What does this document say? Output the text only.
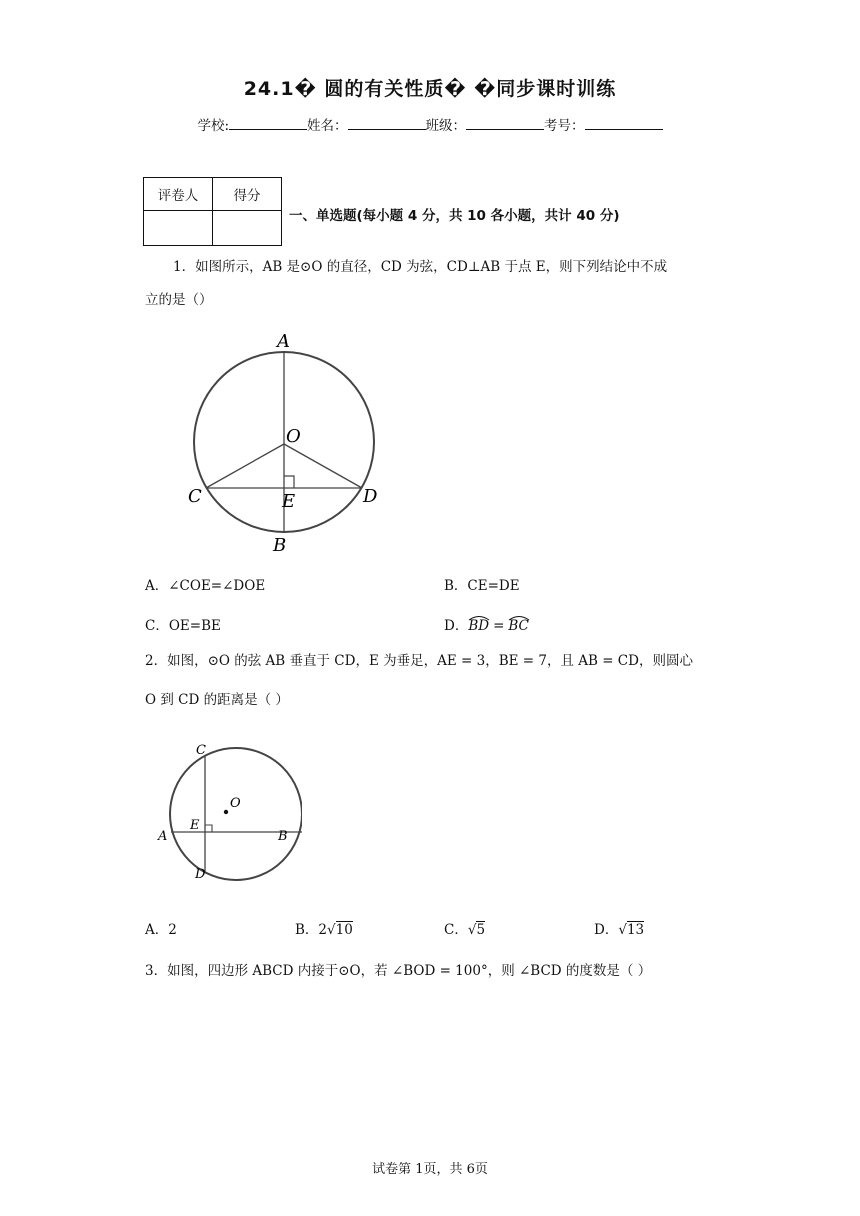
24.1� 圆的有关性质� �同步课时训练
学校:	姓名：	班级：	考号：
评卷人	得分

一、单选题(每小题 4 分，共 10 各小题，共计 40 分)
1．如图所示，AB 是⊙O 的直径，CD 为弦，CD⊥AB 于点 E，则下列结论中不成
立的是（）
A
O
C	E	D
B
A．∠COE=∠DOE	B．CE=DE
C．OE=BE	D．
BD = BC
2．如图，⊙O 的弦 AB 垂直于 CD，E 为垂足，AE = 3，BE = 7，且 AB = CD，则圆心
O 到 CD 的距离是（ ）
C
O
E
A	B
D
A．2	B．2√10	C．√5	D．√13
3．如图，四边形 ABCD 内接于⊙O，若 ∠BOD = 100°，则 ∠BCD 的度数是（ ）
试卷第 1页，共 6页
